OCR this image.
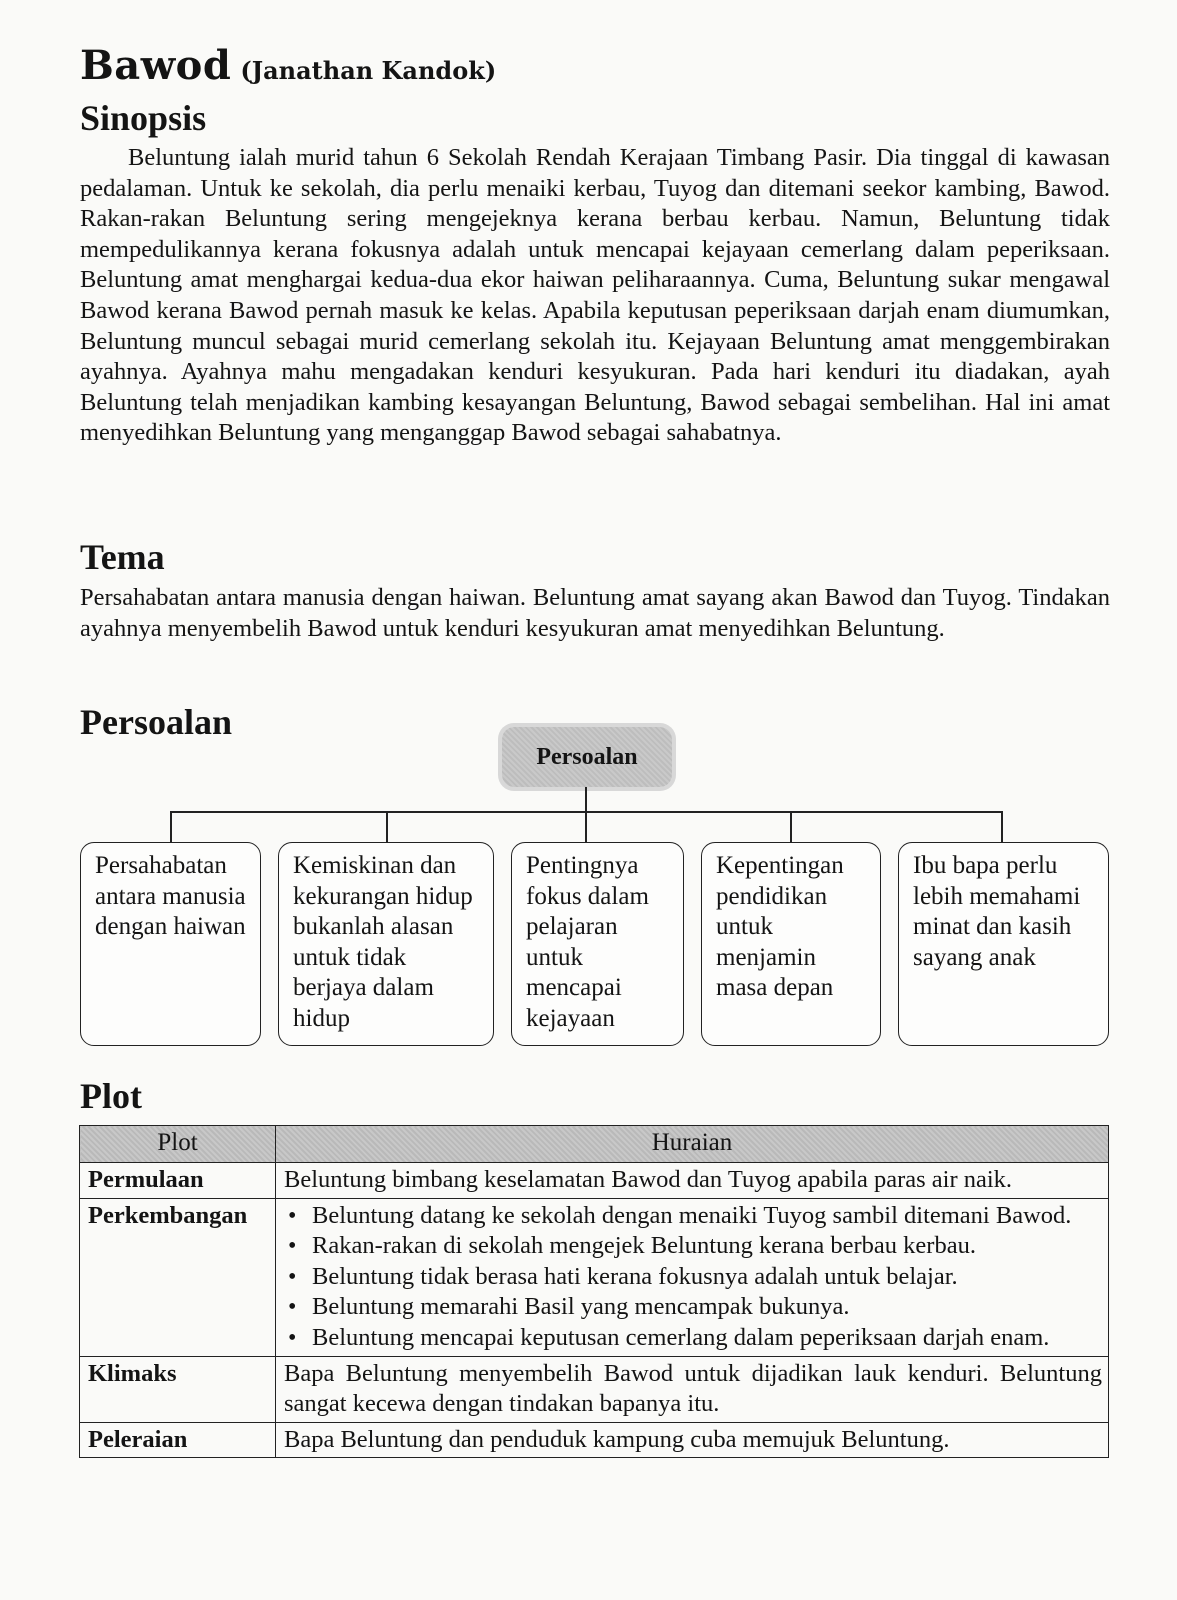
Bawod (Janathan Kandok)
Sinopsis

Beluntung ialah murid tahun 6 Sekolah Rendah Kerajaan Timbang Pasir. Dia tinggal di kawasan pedalaman. Untuk ke sekolah, dia perlu menaiki kerbau, Tuyog dan ditemani seekor kambing, Bawod. Rakan-rakan Beluntung sering mengejeknya kerana berbau kerbau. Namun, Beluntung tidak mempedulikannya kerana fokusnya adalah untuk mencapai kejayaan cemerlang dalam peperiksaan. Beluntung amat menghargai kedua-dua ekor haiwan peliharaannya. Cuma, Beluntung sukar mengawal Bawod kerana Bawod pernah masuk ke kelas. Apabila keputusan peperiksaan darjah enam diumumkan, Beluntung muncul sebagai murid cemerlang sekolah itu. Kejayaan Beluntung amat menggembirakan ayahnya. Ayahnya mahu mengadakan kenduri kesyukuran. Pada hari kenduri itu diadakan, ayah Beluntung telah menjadikan kambing kesayangan Beluntung, Bawod sebagai sembelihan. Hal ini amat menyedihkan Beluntung yang menganggap Bawod sebagai sahabatnya.

Tema

Persahabatan antara manusia dengan haiwan. Beluntung amat sayang akan Bawod dan Tuyog. Tindakan ayahnya menyembelih Bawod untuk kenduri kesyukuran amat menyedihkan Beluntung.

Persoalan
Persoalan
Persahabatan antara manusia dengan haiwan
Kemiskinan dan kekurangan hidup bukanlah alasan untuk tidak berjaya dalam hidup
Pentingnya fokus dalam pelajaran untuk mencapai kejayaan
Kepentingan pendidikan untuk menjamin masa depan
Ibu bapa perlu lebih memahami minat dan kasih sayang anak
Plot
Plot	Huraian
Permulaan	Beluntung bimbang keselamatan Bawod dan Tuyog apabila paras air naik.
Perkembangan	
•Beluntung datang ke sekolah dengan menaiki Tuyog sambil ditemani Bawod.
• Rakan-rakan di sekolah mengejek Beluntung kerana berbau kerbau.
• Beluntung tidak berasa hati kerana fokusnya adalah untuk belajar.
• Beluntung memarahi Basil yang mencampak bukunya.
• Beluntung mencapai keputusan cemerlang dalam peperiksaan darjah enam.

Klimaks	Bapa Beluntung menyembelih Bawod untuk dijadikan lauk kenduri. Beluntung sangat kecewa dengan tindakan bapanya itu.
Peleraian	Bapa Beluntung dan penduduk kampung cuba memujuk Beluntung.
